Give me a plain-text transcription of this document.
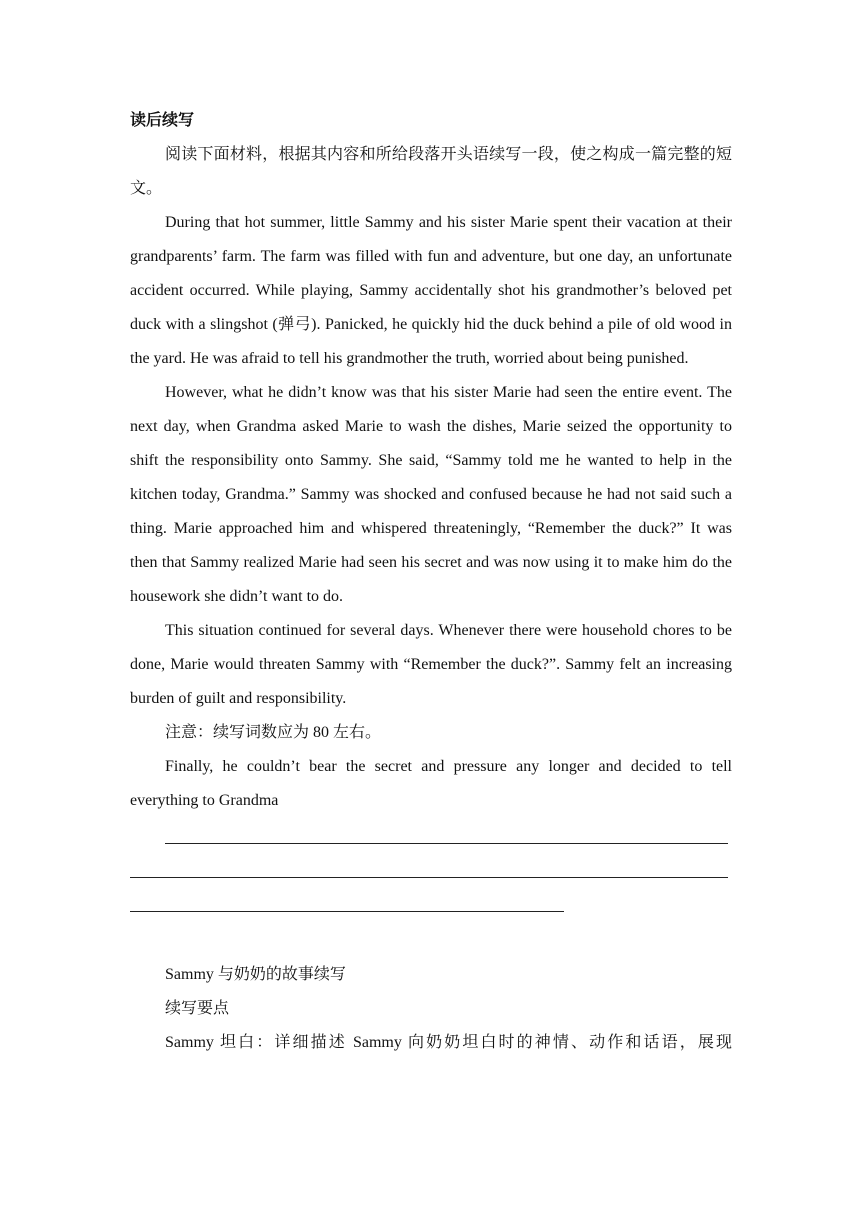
读后续写

阅读下面材料，根据其内容和所给段落开头语续写一段，使之构成一篇完整的短文。

During that hot summer, little Sammy and his sister Marie spent their vacation at their grandparents’ farm. The farm was filled with fun and adventure, but one day, an unfortunate accident occurred. While playing, Sammy accidentally shot his grandmother’s beloved pet duck with a slingshot (弹弓). Panicked, he quickly hid the duck behind a pile of old wood in the yard. He was afraid to tell his grandmother the truth, worried about being punished.

However, what he didn’t know was that his sister Marie had seen the entire event. The next day, when Grandma asked Marie to wash the dishes, Marie seized the opportunity to shift the responsibility onto Sammy. She said, “Sammy told me he wanted to help in the kitchen today, Grandma.” Sammy was shocked and confused because he had not said such a thing. Marie approached him and whispered threateningly, “Remember the duck?” It was then that Sammy realized Marie had seen his secret and was now using it to make him do the housework she didn’t want to do.

This situation continued for several days. Whenever there were household chores to be done, Marie would threaten Sammy with “Remember the duck?”. Sammy felt an increasing burden of guilt and responsibility.

注意：续写词数应为 80 左右。

Finally, he couldn’t bear the secret and pressure any longer and decided to tell everything to Grandma

Sammy 与奶奶的故事续写

续写要点

Sammy 坦白：详细描述 Sammy 向奶奶坦白时的神情、动作和话语，展现
